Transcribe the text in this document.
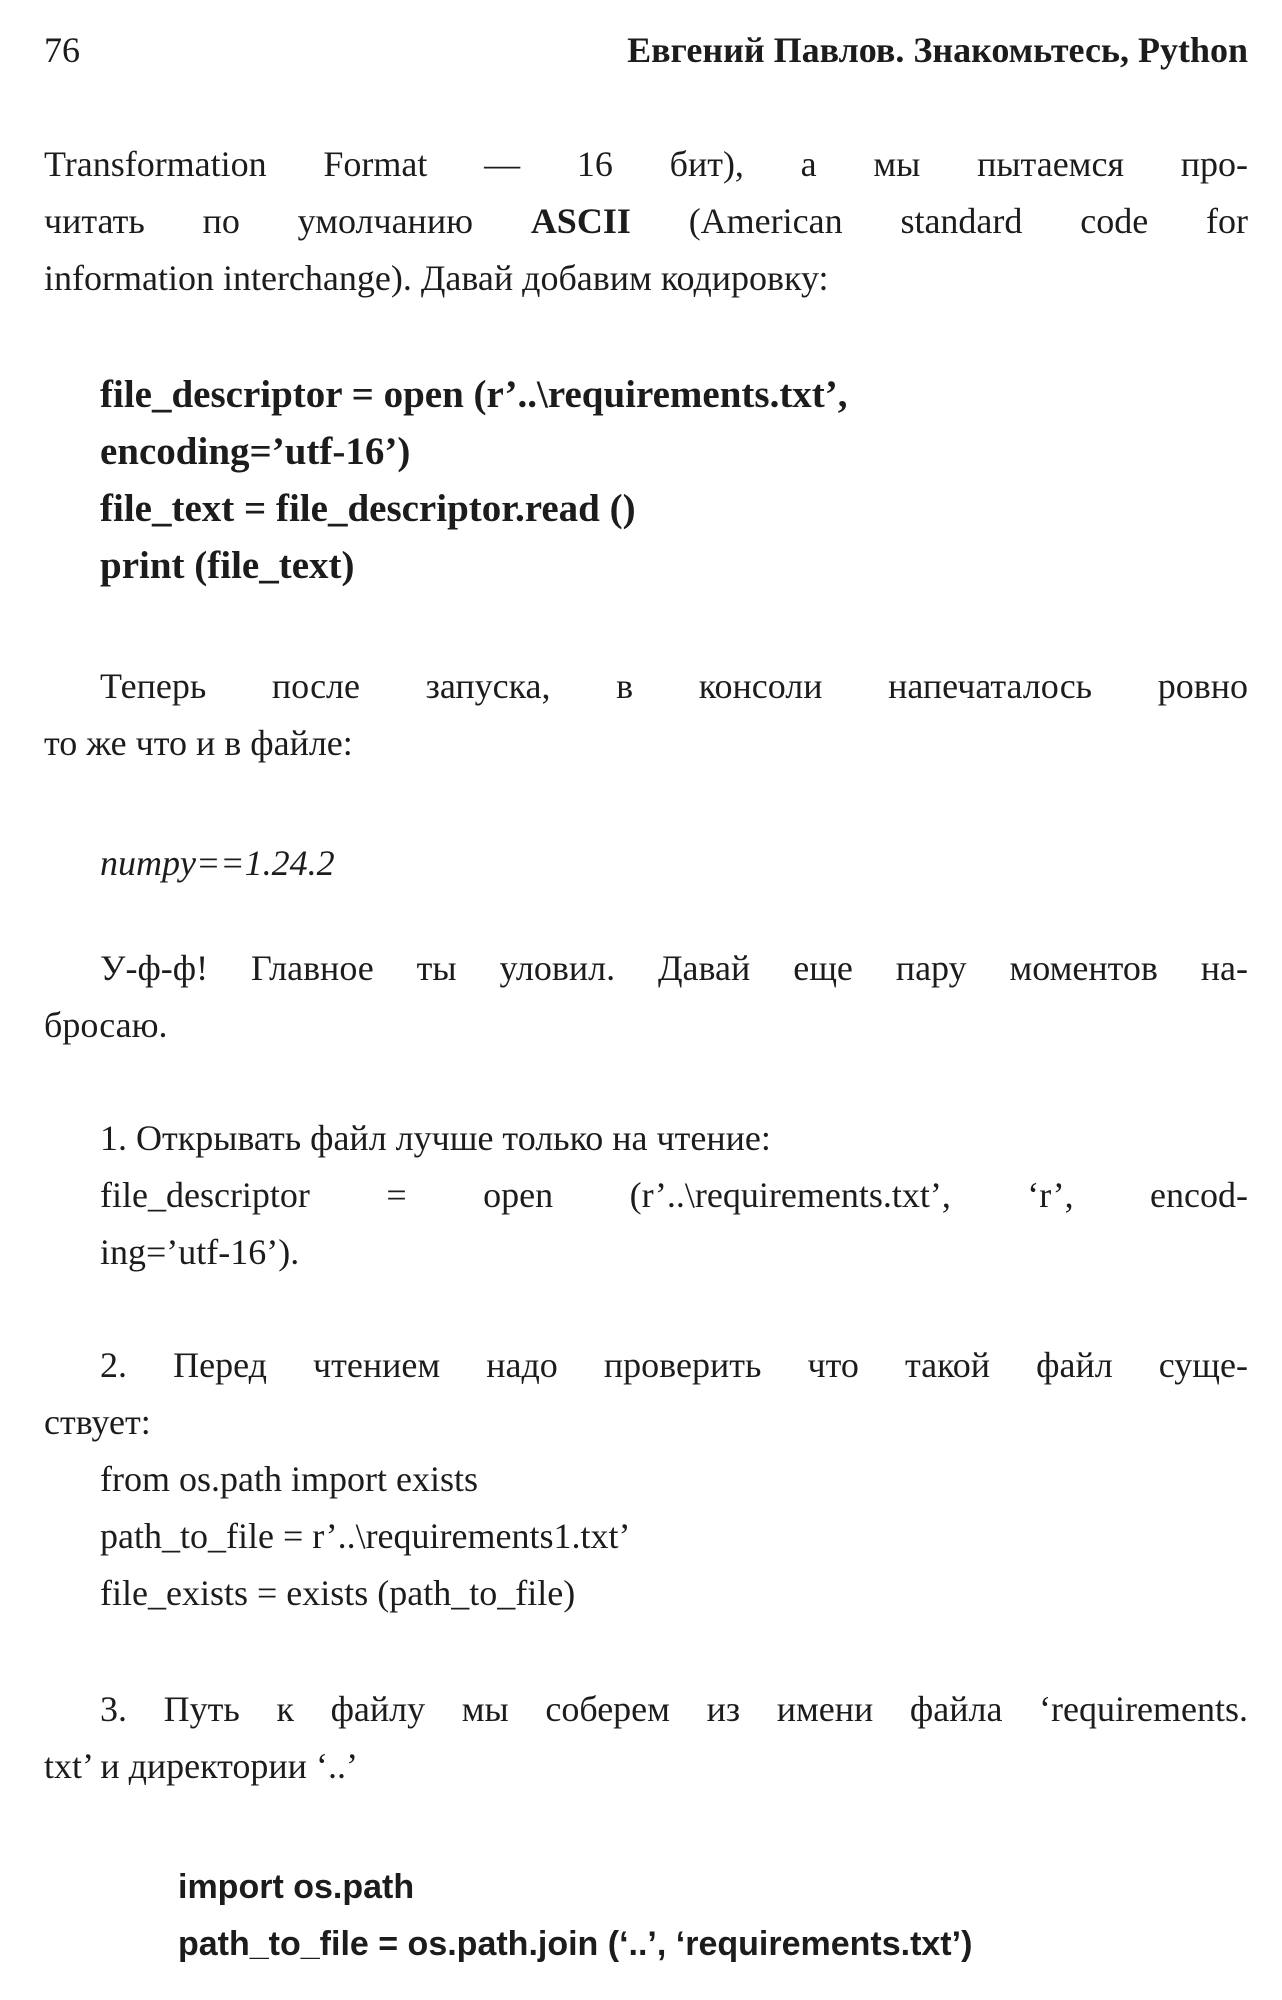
76	Евгений Павлов. Знакомьтесь, Python
Transformation Format — 16 бит), а мы пытаемся про-
читать по умолчанию ASCII (American standard code for
information interchange). Давай добавим кодировку:
file_descriptor = open (r’..\requirements.txt’,
encoding=’utf-16’)
file_text = file_descriptor.read ()
print (file_text)
Теперь после запуска, в консоли напечаталось ровно
то же что и в файле:
numpy==1.24.2
У-ф-ф! Главное ты уловил. Давай еще пару моментов на-
бросаю.
1. Открывать файл лучше только на чтение:
file_descriptor = open (r’..\requirements.txt’, ‘r’, encod-
ing=’utf-16’).
2. Перед чтением надо проверить что такой файл суще-
ствует:
from os.path import exists
path_to_file = r’..\requirements1.txt’
file_exists = exists (path_to_file)
3. Путь к файлу мы соберем из имени файла ‘requirements.
txt’ и директории ‘..’
import os.path
path_to_file = os.path.join (‘..’, ‘requirements.txt’)
